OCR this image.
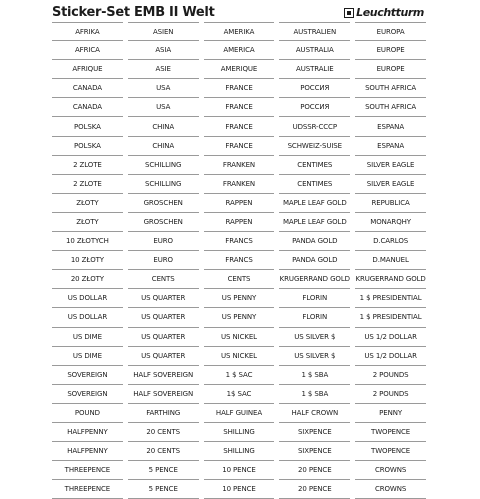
Sticker-Set EMB II Welt	Leuchtturm
AFRIKA	ASIEN	AMERIKA	AUSTRALIEN	EUROPA
AFRICA	ASIA	AMERICA	AUSTRALIA	EUROPE
AFRIQUE	ASIE	AMERIQUE	AUSTRALIE	EUROPE
CANADA	USA	FRANCE	РОССИЯ	SOUTH AFRICA
CANADA	USA	FRANCE	РОССИЯ	SOUTH AFRICA
POLSKA	CHINA	FRANCE	UDSSR-CCCP	ESPANA
POLSKA	CHINA	FRANCE	SCHWEIZ-SUISE	ESPANA
2 ZLOTE	SCHILLING	FRANKEN	CENTIMES	SILVER EAGLE
2 ZLOTE	SCHILLING	FRANKEN	CENTIMES	SILVER EAGLE
ZŁOTY	GROSCHEN	RAPPEN	MAPLE LEAF GOLD	REPUBLICA
ZŁOTY	GROSCHEN	RAPPEN	MAPLE LEAF GOLD	MONARQHY
10 ZŁOTYCH	EURO	FRANCS	PANDA GOLD	D.CARLOS
10 ZŁOTY	EURO	FRANCS	PANDA GOLD	D.MANUEL
20 ZŁOTY	CENTS	CENTS	KRUGERRAND GOLD KRUGERRAND GOLD
US DOLLAR	US QUARTER	US PENNY	FLORIN	1 $ PRESIDENTIAL
US DOLLAR	US QUARTER	US PENNY	FLORIN	1 $ PRESIDENTIAL
US DIME	US QUARTER	US NICKEL	US SILVER $	US 1/2 DOLLAR
US DIME	US QUARTER	US NICKEL	US SILVER $	US 1/2 DOLLAR
SOVEREIGN	HALF SOVEREIGN	1 $ SAC	1 $ SBA	2 POUNDS
SOVEREIGN	HALF SOVEREIGN	1$ SAC	1 $ SBA	2 POUNDS
POUND	FARTHING	HALF GUINEA	HALF CROWN	PENNY
HALFPENNY	20 CENTS	SHILLING	SIXPENCE	TWOPENCE
HALFPENNY	20 CENTS	SHILLING	SIXPENCE	TWOPENCE
THREEPENCE	5 PENCE	10 PENCE	20 PENCE	CROWNS
THREEPENCE	5 PENCE	10 PENCE	20 PENCE	CROWNS
